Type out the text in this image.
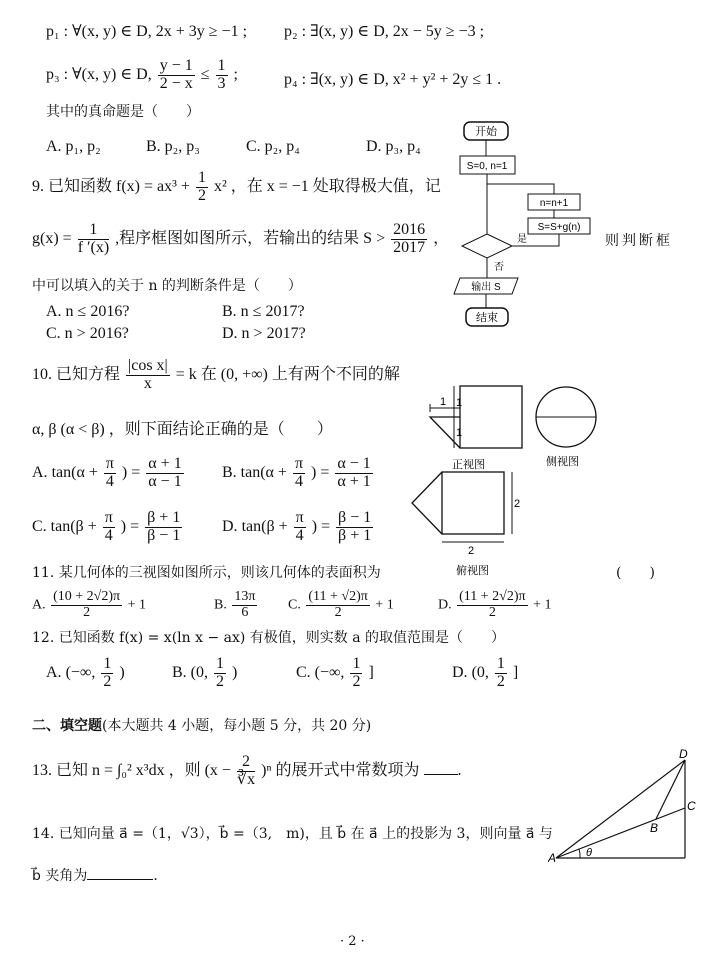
p₁ : ∀(x, y) ∈ D, 2x + 3y ≥ −1 ; p₂ : ∃(x, y) ∈ D, 2x − 5y ≥ −3 ;
p₃ : ∀(x, y) ∈ D, $\frac{y - 1}{2 - x} \le \frac{1}{3}$ ;	p₄ : ∃(x, y) ∈ D, x² + y² + 2y ≤ 1 .
其中的真命题是（　　）
A. p₁, p₂	B. p₂, p₃	C. p₂, p₄	D. p₃, p₄
9. 已知函数 $f(x) = ax^3 + \frac{1}{2} x^2$ ，在 x = −1 处取得极大值，记
$g(x) = \frac{1}{f '(x)}$ ,程序框图如图所示，若输出的结果 $S > \frac{2016}{2017}$ ，	则判断框
中可以填入的关于 n 的判断条件是（　　）
A. n ≤ 2016?	B. n ≤ 2017?
C. n > 2016?	D. n > 2017?
开始
S=0, n=1
n=n+1
S=S+g(n)
是
否
输出 S
结束
10. 已知方程 $\frac{\text{|cos x|}}{x} = k$ 在 (0, +∞) 上有两个不同的解
α, β (α < β) ，则下面结论正确的是（　　）
A. $\tan(\alpha + \frac{\pi}{4}$ ) = $\frac{\alpha + 1}{\alpha - 1} B$. $\tan(\alpha + \frac{\pi}{4}$ ) = $\frac{\alpha - 1}{\alpha + 1}$
C. $\tan(\beta + \frac{\pi}{4}$ ) = $\frac{\beta + 1}{\beta - 1} D$. $\tan(\beta + \frac{\pi}{4}$ ) = $\frac{\beta - 1}{\beta + 1}$
1 1
1
正视图	侧视图
2
2
俯视图
11. 某几何体的三视图如图所示，则该几何体的表面积为	(　　)
A. $\frac{(10 + 2√2)\pi}{2} + 1$	B. $\frac{13\pi}{6} C$. $\frac{(11 + √2)\pi}{2} + 1$	D. $\frac{(11 + 2√2)\pi}{2} + 1$
12. 已知函数 f(x) = x(ln x − ax) 有极值，则实数 a 的取值范围是（　　）
A. (−∞, $\frac{1}{2}$ )	B. (0, $\frac{1}{2}$ )	C. (−∞, $\frac{1}{2}$ ]	D. (0, $\frac{1}{2}$ ]
二、填空题(本大题共 4 小题，每小题 5 分，共 20 分)
13. 已知 n = ∫₀² x³dx ，则 $(x - \frac{2}{∛x} )^n$ 的展开式中常数项为 .
14. 已知向量 a⃗ =（1，√3），b⃗ =（3,　m)，且 b⃗ 在 a⃗ 上的投影为 3，则向量 a⃗ 与
b⃗ 夹角为	.
A
B
C
D
θ
· 2 ·
